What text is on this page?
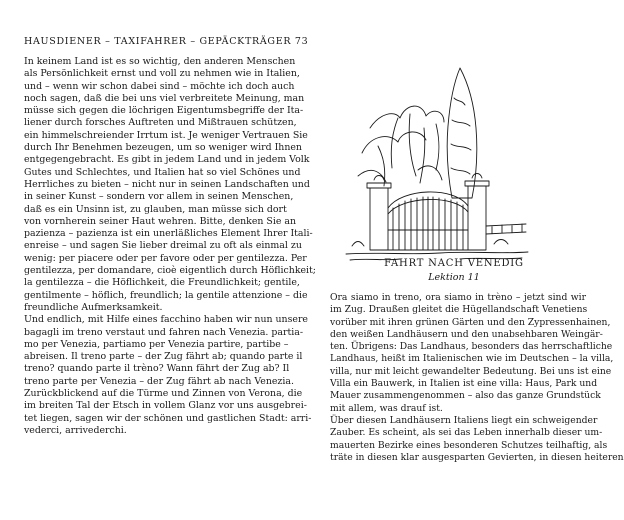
HAUSDIENER – TAXIFAHRER – GEPÄCKTRÄGER 73
In keinem Land ist es so wichtig, den anderen Menschen
als Persönlichkeit ernst und voll zu nehmen wie in Italien,
und – wenn wir schon dabei sind – möchte ich doch auch
noch sagen, daß die bei uns viel verbreitete Meinung, man
müsse sich gegen die löchrigen Eigentumsbegriffe der Ita-
liener durch forsches Auftreten und Mißtrauen schützen,
ein himmelschreiender Irrtum ist. Je weniger Vertrauen Sie
durch Ihr Benehmen bezeugen, um so weniger wird Ihnen
entgegengebracht. Es gibt in jedem Land und in jedem Volk
Gutes und Schlechtes, und Italien hat so viel Schönes und
Herrliches zu bieten – nicht nur in seinen Landschaften und
in seiner Kunst – sondern vor allem in seinen Menschen,
daß es ein Unsinn ist, zu glauben, man müsse sich dort
von vornherein seiner Haut wehren. Bitte, denken Sie an
pazienza – pazienza ist ein unerläßliches Element Ihrer Itali-
enreise – und sagen Sie lieber dreimal zu oft als einmal zu
wenig: per piacere oder per favore oder per gentilezza. Per
gentilezza, per domandare, cioè eigentlich durch Höflichkeit;
la gentilezza – die Höflichkeit, die Freundlichkeit; gentile,
gentilmente – höflich, freundlich; la gentile attenzione – die
freundliche Aufmerksamkeit.
Und endlich, mit Hilfe eines facchino haben wir nun unsere
bagagli im treno verstaut und fahren nach Venezia. partia-
mo per Venezia, partiamo per Venezia partire, partibe –
abreisen. Il treno parte – der Zug fährt ab; quando parte il
treno? quando parte il trèno? Wann fährt der Zug ab? Il
treno parte per Venezia – der Zug fährt ab nach Venezia.
Zurückblickend auf die Türme und Zinnen von Verona, die
im breiten Tal der Etsch in vollem Glanz vor uns ausgebrei-
tet liegen, sagen wir der schönen und gastlichen Stadt: arri-
vederci, arrivederchi.
FAHRT NACH VENEDIG
Lektion 11
Ora siamo in treno, ora siamo in trèno – jetzt sind wir
im Zug. Draußen gleitet die Hügellandschaft Venetiens
vorüber mit ihren grünen Gärten und den Zypressenhainen,
den weißen Landhäusern und den unabsehbaren Weingär-
ten. Übrigens: Das Landhaus, besonders das herrschaftliche
Landhaus, heißt im Italienischen wie im Deutschen – la villa,
villa, nur mit leicht gewandelter Bedeutung. Bei uns ist eine
Villa ein Bauwerk, in Italien ist eine villa: Haus, Park und
Mauer zusammengenommen – also das ganze Grundstück
mit allem, was drauf ist.
Über diesen Landhäusern Italiens liegt ein schweigender
Zauber. Es scheint, als sei das Leben innerhalb dieser um-
mauerten Bezirke eines besonderen Schutzes teilhaftig, als
träte in diesen klar ausgesparten Gevierten, in diesen heiteren
